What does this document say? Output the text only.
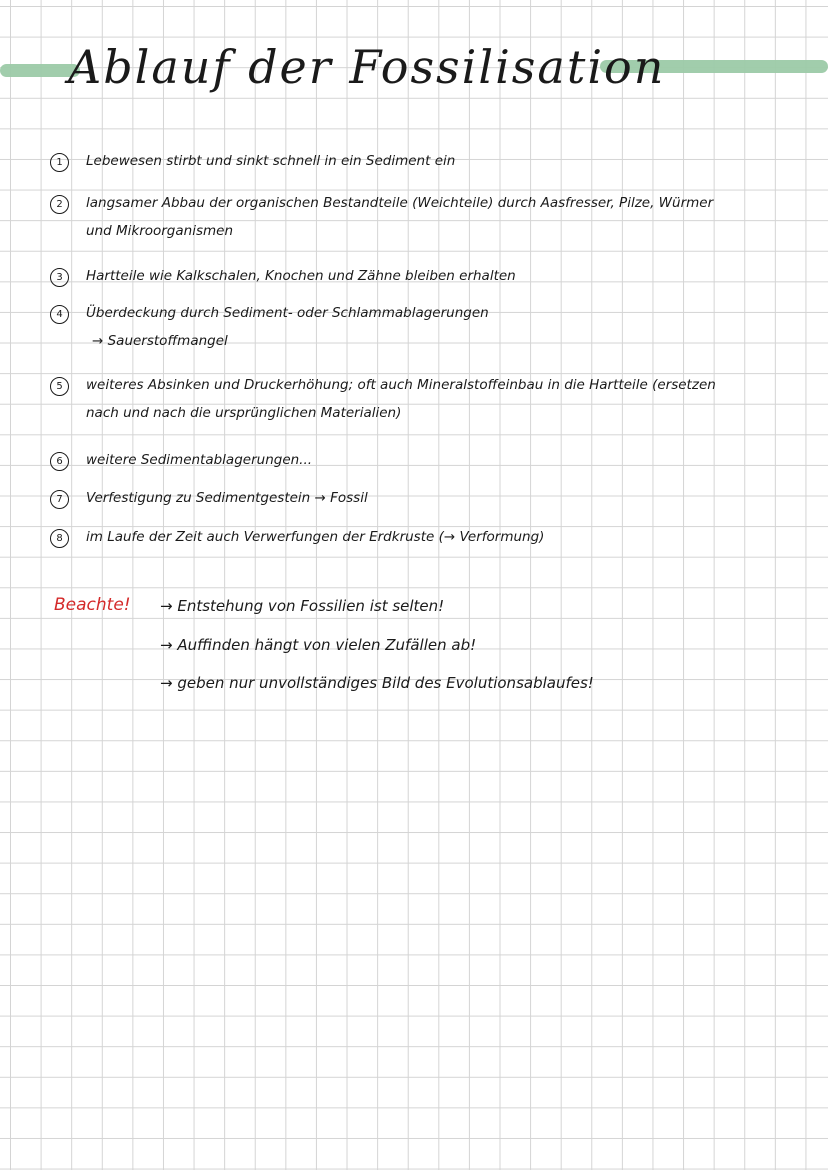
Ablauf der Fossilisation
1	Lebewesen stirbt und sinkt schnell in ein Sediment ein
2	langsamer Abbau der organischen Bestandteile (Weichteile) durch Aasfresser, Pilze, Würmer
und Mikroorganismen
3	Hartteile wie Kalkschalen, Knochen und Zähne bleiben erhalten
4	Überdeckung durch Sediment- oder Schlammablagerungen
→ Sauerstoffmangel
5	weiteres Absinken und Druckerhöhung; oft auch Mineralstoffeinbau in die Hartteile (ersetzen
nach und nach die ursprünglichen Materialien)
6	weitere Sedimentablagerungen...
7	Verfestigung zu Sedimentgestein → Fossil
8	im Laufe der Zeit auch Verwerfungen der Erdkruste (→ Verformung)
Beachte! → Entstehung von Fossilien ist selten!
→ Auffinden hängt von vielen Zufällen ab!
→ geben nur unvollständiges Bild des Evolutionsablaufes!
